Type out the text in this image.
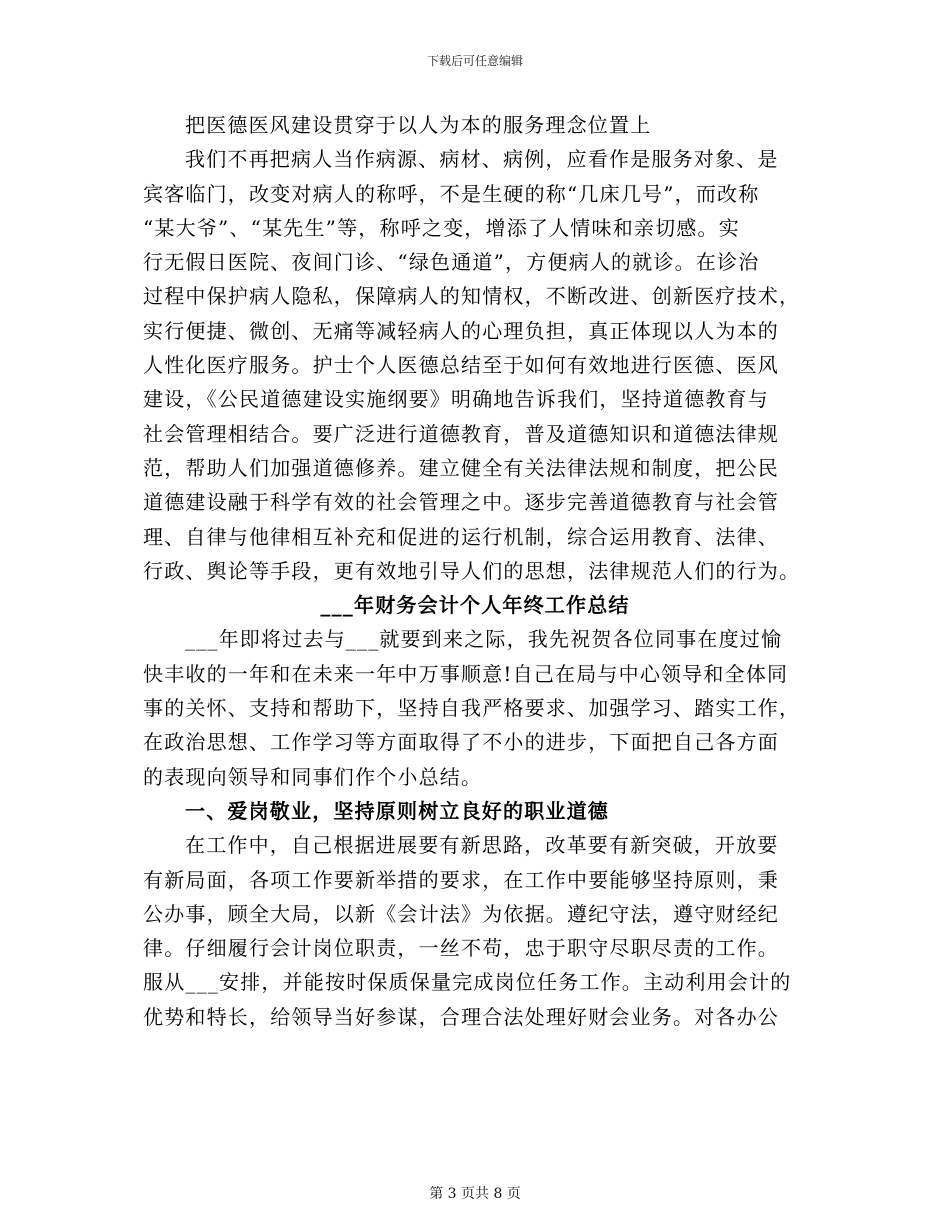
下载后可任意编辑
把医德医风建设贯穿于以人为本的服务理念位置上
我们不再把病人当作病源、病材、病例，应看作是服务对象、是
宾客临门，改变对病人的称呼，不是生硬的称“几床几号”，而改称
“某大爷”、“某先生”等，称呼之变，增添了人情味和亲切感。实
行无假日医院、夜间门诊、“绿色通道”，方便病人的就诊。在诊治
过程中保护病人隐私，保障病人的知情权，不断改进、创新医疗技术，
实行便捷、微创、无痛等减轻病人的心理负担，真正体现以人为本的
人性化医疗服务。护士个人医德总结至于如何有效地进行医德、医风
建设，《公民道德建设实施纲要》明确地告诉我们，坚持道德教育与
社会管理相结合。要广泛进行道德教育，普及道德知识和道德法律规
范，帮助人们加强道德修养。建立健全有关法律法规和制度，把公民
道德建设融于科学有效的社会管理之中。逐步完善道德教育与社会管
理、自律与他律相互补充和促进的运行机制，综合运用教育、法律、
行政、舆论等手段，更有效地引导人们的思想，法律规范人们的行为。
___年财务会计个人年终工作总结
___年即将过去与___就要到来之际，我先祝贺各位同事在度过愉
快丰收的一年和在未来一年中万事顺意!自己在局与中心领导和全体同
事的关怀、支持和帮助下，坚持自我严格要求、加强学习、踏实工作，
在政治思想、工作学习等方面取得了不小的进步，下面把自己各方面
的表现向领导和同事们作个小总结。
一、爱岗敬业，坚持原则树立良好的职业道德
在工作中，自己根据进展要有新思路，改革要有新突破，开放要
有新局面，各项工作要新举措的要求，在工作中要能够坚持原则，秉
公办事，顾全大局，以新《会计法》为依据。遵纪守法，遵守财经纪
律。仔细履行会计岗位职责，一丝不苟，忠于职守尽职尽责的工作。
服从___安排，并能按时保质保量完成岗位任务工作。主动利用会计的
优势和特长，给领导当好参谋，合理合法处理好财会业务。对各办公
第 3 页共 8 页
